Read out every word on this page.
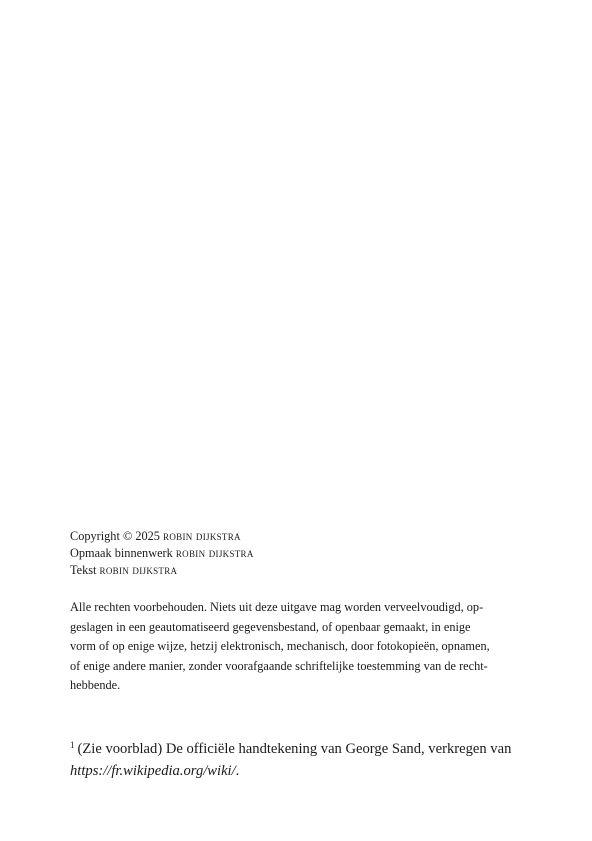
Copyright © 2025 robin dijkstra
Opmaak binnenwerk robin dijkstra
Tekst robin dijkstra
Alle rechten voorbehouden. Niets uit deze uitgave mag worden verveelvoudigd, op-
geslagen in een geautomatiseerd gegevensbestand, of openbaar gemaakt, in enige
vorm of op enige wijze, hetzij elektronisch, mechanisch, door fotokopieën, opnamen,
of enige andere manier, zonder voorafgaande schriftelijke toestemming van de recht-
hebbende.
$^1$ (Zie voorblad) De officiële handtekening van George Sand, verkregen van
https://fr.wikipedia.org/wiki/.
